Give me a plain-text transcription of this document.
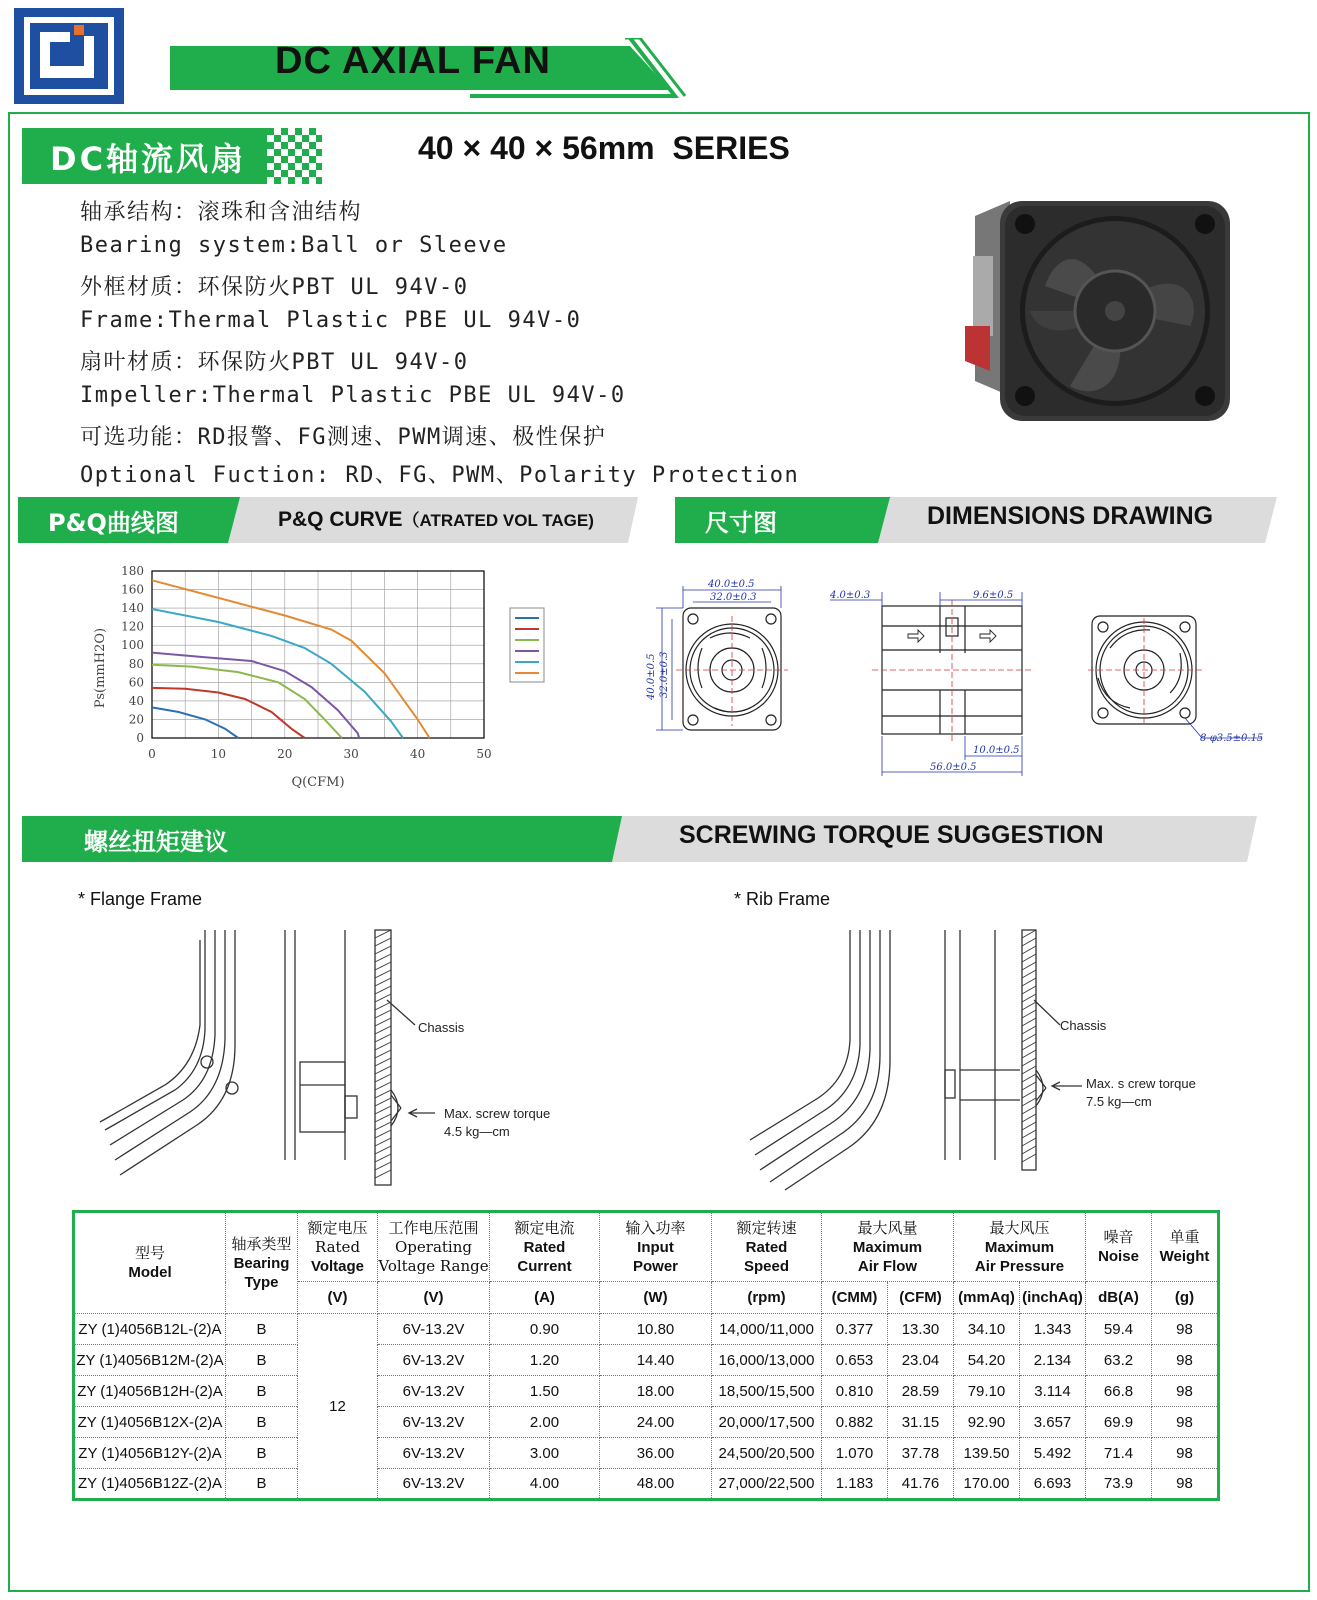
DC AXIAL FAN
DC轴流风扇	40 × 40 × 56mm  SERIES
轴承结构：滚珠和含油结构
Bearing system:Ball or Sleeve
外框材质：环保防火PBT UL 94V-0
Frame:Thermal Plastic PBE UL 94V-0
扇叶材质：环保防火PBT UL 94V-0
Impeller:Thermal Plastic PBE UL 94V-0
可选功能：RD报警、FG测速、PWM调速、极性保护
Optional Fuction: RD、FG、PWM、Polarity Protection
P&Q曲线图	P&Q CURVE（ATRATED VOL TAGE)	尺寸图	DIMENSIONS DRAWING
0	10	20	30	40	50
0
20
40
60
80
100
120
140
160
180
Q(CFM)
Ps(mmH2O)
40.0±0.5
32.0±0.3
40.0±0.5 32.0±0.3
4.0±0.3	9.6±0.5
10.0±0.5
56.0±0.5
8-φ3.5±0.15
螺丝扭矩建议	SCREWING TORQUE SUGGESTION
* Flange Frame	* Rib Frame
Chassis
Max. screw torque
4.5 kg—cm
Chassis
Max. s crew torque
7.5 kg—cm
型号
Model	轴承类型
Bearing
Type	额定电压
Rated
Voltage	工作电压范围
Operating
Voltage Range	额定电流
Rated
Current	输入功率
Input
Power	额定转速
Rated
Speed	最大风量
Maximum
Air Flow		最大风压
Maximum
Air Pressure		噪音
Noise	单重
Weight

		(V)	(V)	(A)	(W)	(rpm)	(CMM)	(CFM)	(mmAq)	(inchAq)	dB(A)	(g)
ZY (1)4056B12L-(2)A	B	12	6V-13.2V	0.90	10.80	14,000/11,000	0.377	13.30	34.10	1.343	59.4	98
ZY (1)4056B12M-(2)A	B		6V-13.2V	1.20	14.40	16,000/13,000	0.653	23.04	54.20	2.134	63.2	98
ZY (1)4056B12H-(2)A	B		6V-13.2V	1.50	18.00	18,500/15,500	0.810	28.59	79.10	3.114	66.8	98
ZY (1)4056B12X-(2)A	B		6V-13.2V	2.00	24.00	20,000/17,500	0.882	31.15	92.90	3.657	69.9	98
ZY (1)4056B12Y-(2)A	B		6V-13.2V	3.00	36.00	24,500/20,500	1.070	37.78	139.50	5.492	71.4	98
ZY (1)4056B12Z-(2)A	B		6V-13.2V	4.00	48.00	27,000/22,500	1.183	41.76	170.00	6.693	73.9	98
